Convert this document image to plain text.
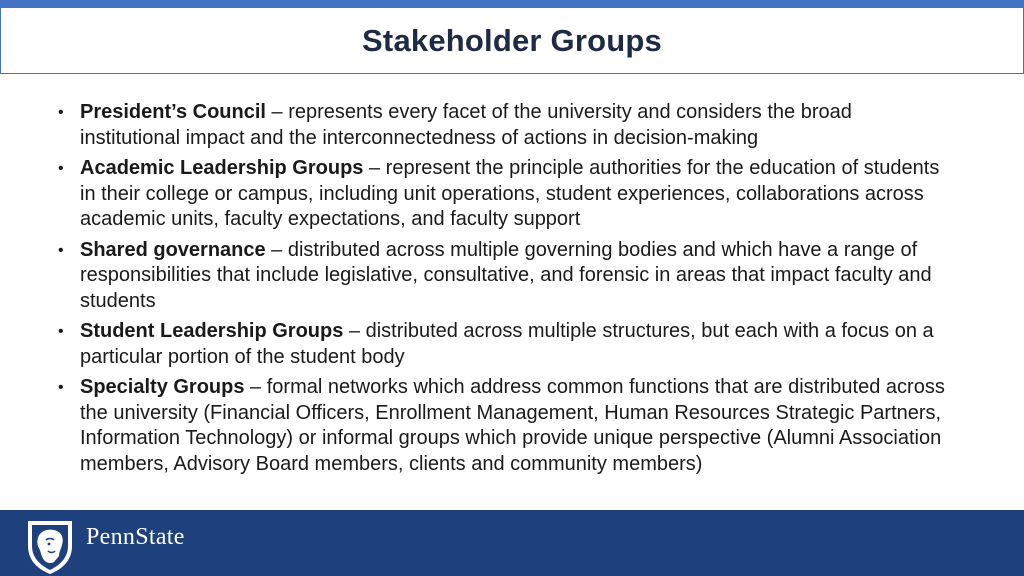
Stakeholder Groups
• President’s Council – represents every facet of the university and considers the broad institutional impact and the interconnectedness of actions in decision-making
• Academic Leadership Groups – represent the principle authorities for the education of students in their college or campus, including unit operations, student experiences, collaborations across academic units, faculty expectations, and faculty support
• Shared governance – distributed across multiple governing bodies and which have a range of responsibilities that include legislative, consultative, and forensic in areas that impact faculty and students
• Student Leadership Groups – distributed across multiple structures, but each with a focus on a particular portion of the student body
• Specialty Groups – formal networks which address common functions that are distributed across the university (Financial Officers, Enrollment Management, Human Resources Strategic Partners, Information Technology) or informal groups which provide unique perspective (Alumni Association members, Advisory Board members, clients and community members)
PennState
